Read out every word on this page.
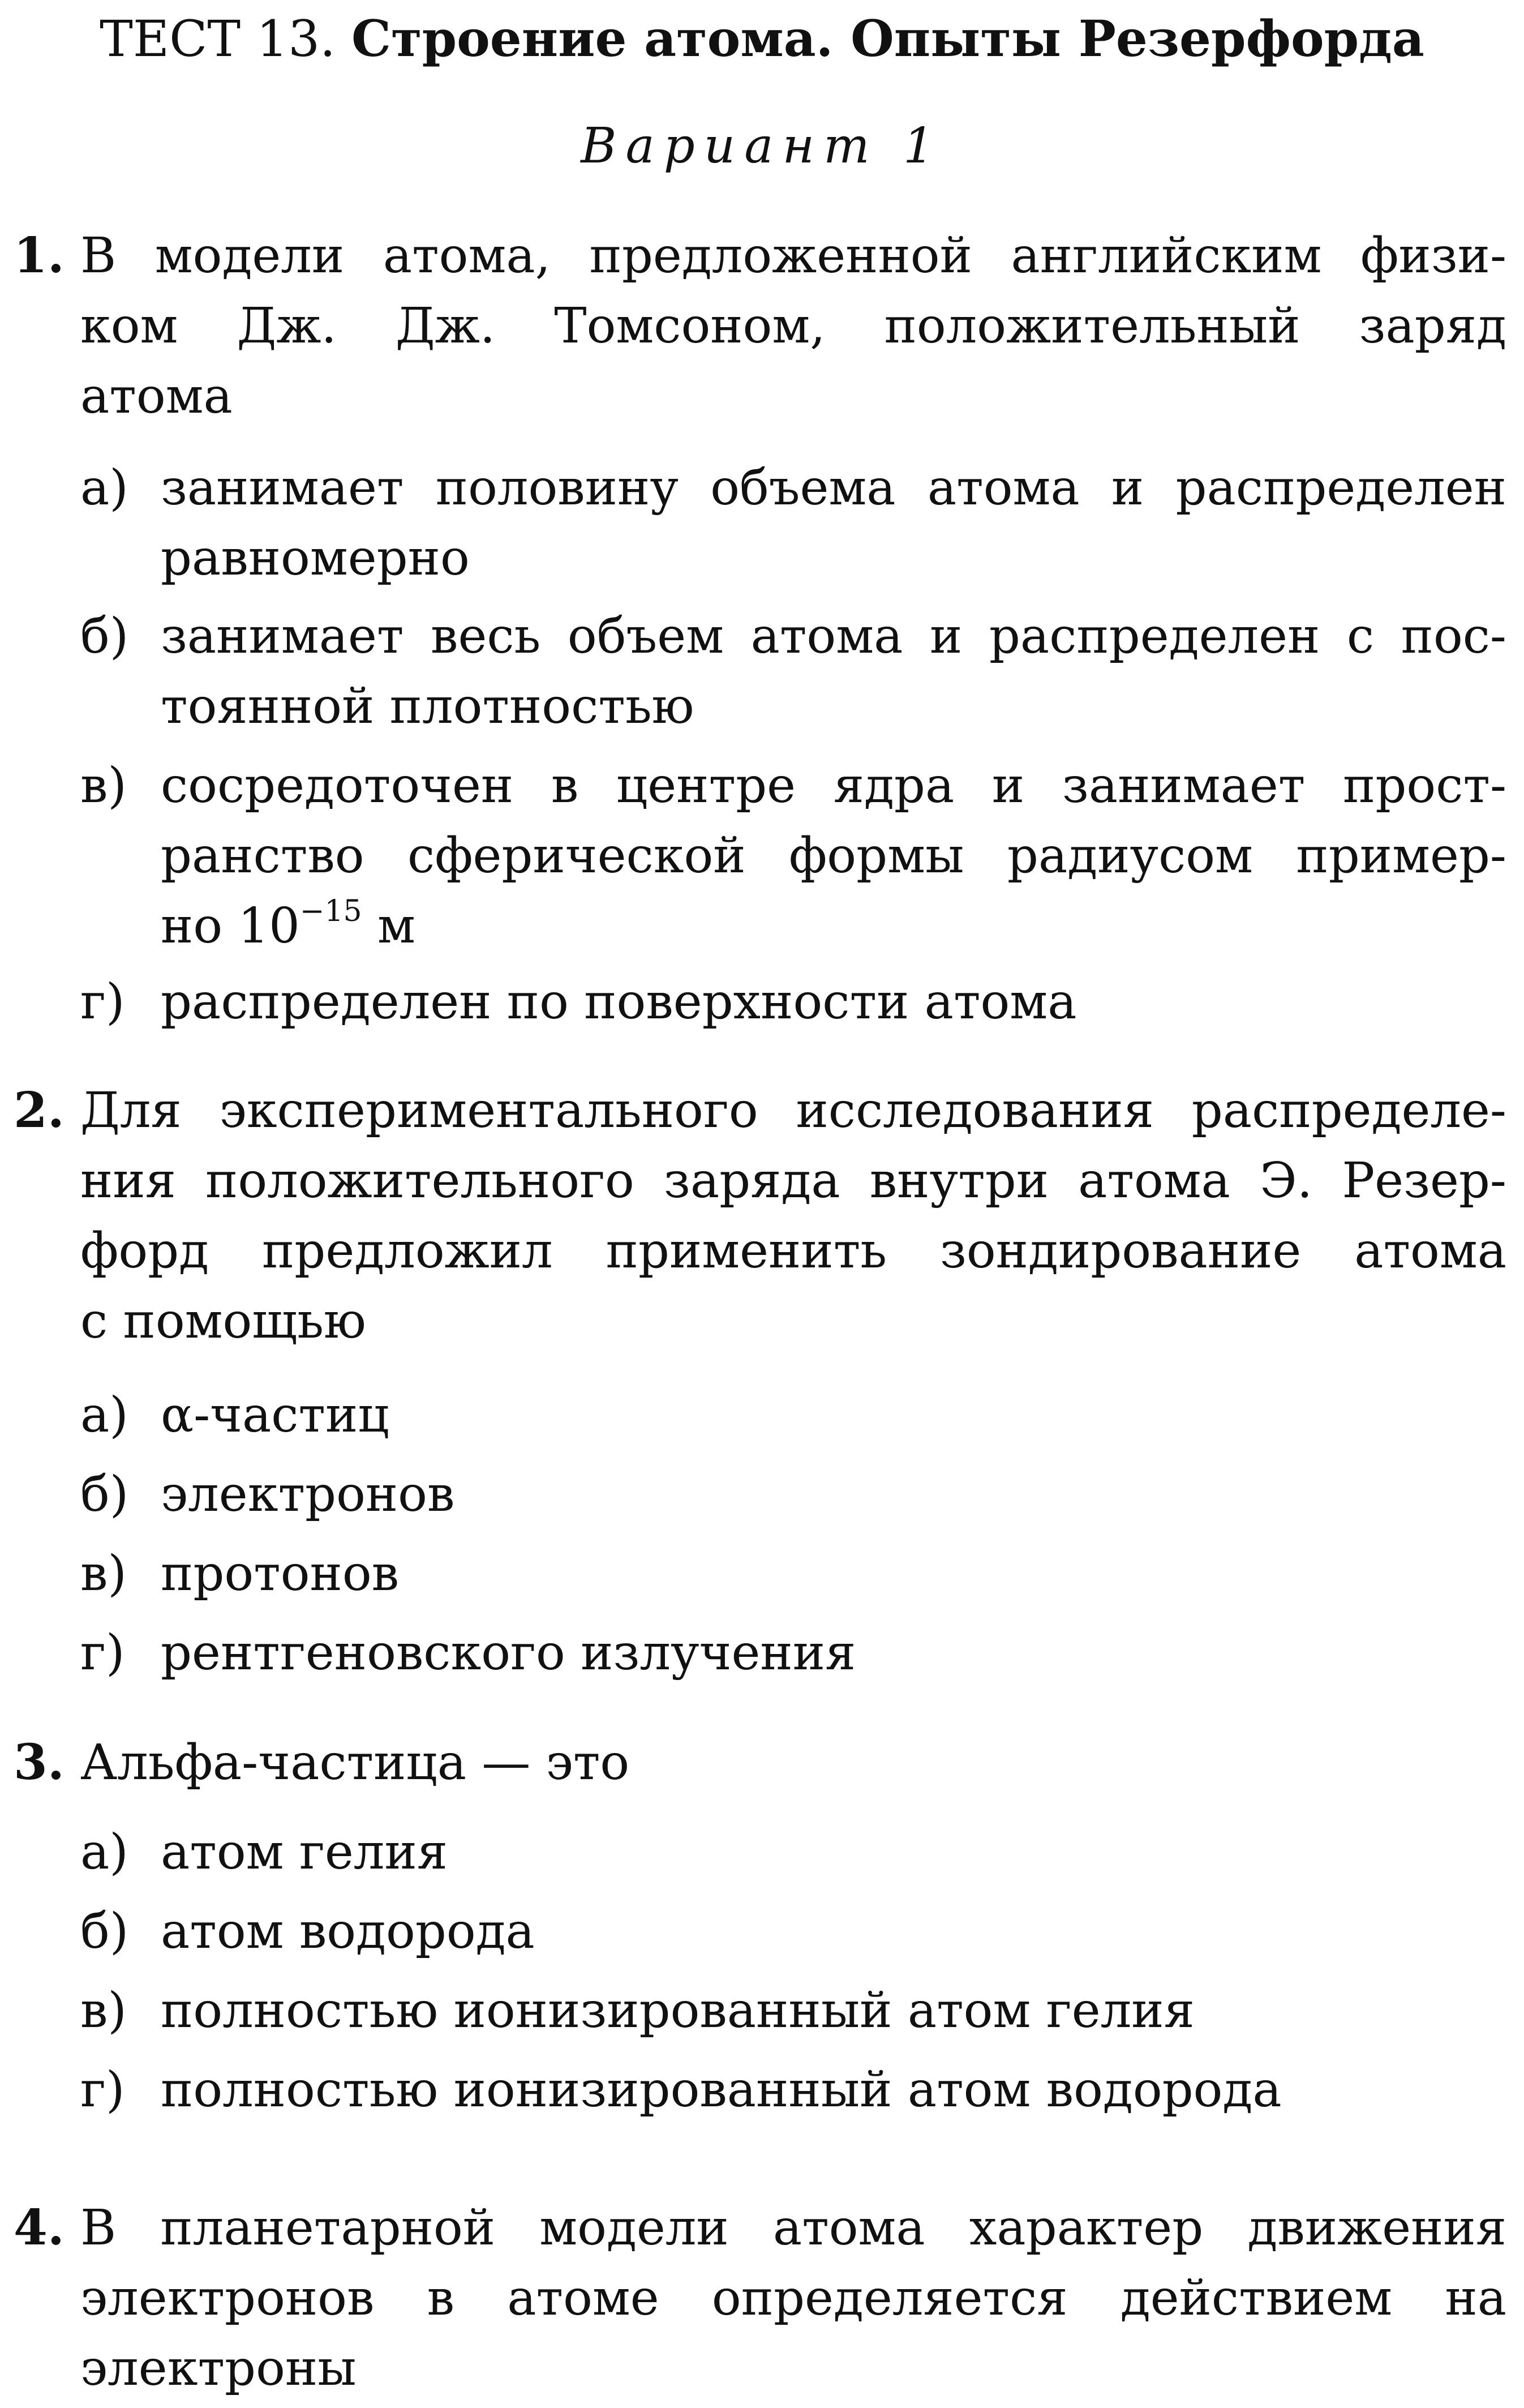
ТЕСТ 13. Строение атома. Опыты Резерфорда
Вариант 1
1. В модели атома, предложенной английским физи-
ком Дж. Дж. Томсоном, положительный заряд
атома
а) занимает половину объема атома и распределен
равномерно
б) занимает весь объем атома и распределен с пос-
тоянной плотностью
в) сосредоточен в центре ядра и занимает прост-
ранство сферической формы радиусом пример-
но $10^{-15}$ м
г) распределен по поверхности атома
2. Для экспериментального исследования распределе-
ния положительного заряда внутри атома Э. Резер-
форд предложил применить зондирование атома
с помощью
а) α-частиц
б) электронов
в) протонов
г) рентгеновского излучения
3. Альфа-частица — это
а) атом гелия
б) атом водорода
в) полностью ионизированный атом гелия
г) полностью ионизированный атом водорода
4. В планетарной модели атома характер движения
электронов в атоме определяется действием на
электроны
